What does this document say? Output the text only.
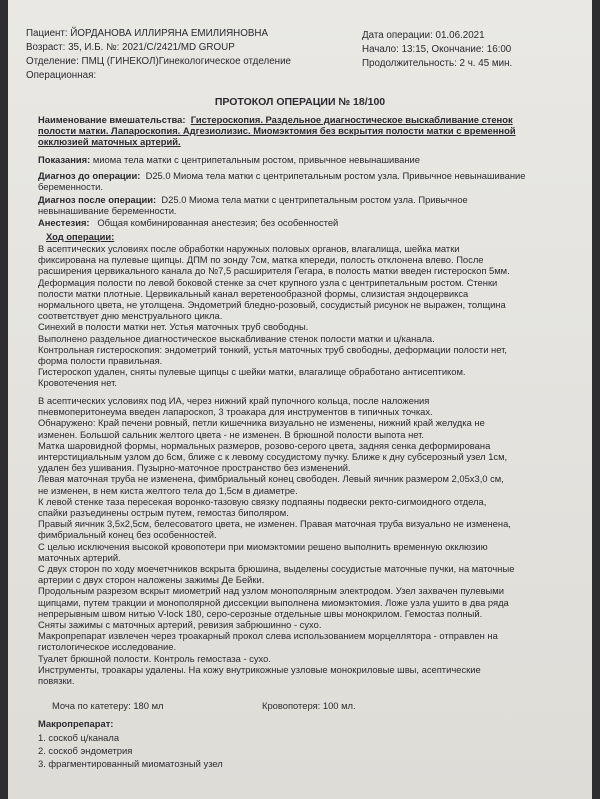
Пациент: ЙОРДАНОВА ИЛЛИРЯНА ЕМИЛИЯНОВНА
Возраст: 35, И.Б. №: 2021/С/2421/MD GROUP
Отделение: ПМЦ (ГИНЕКОЛ)Гинекологическое отделение
Операционная:
Дата операции: 01.06.2021
Начало: 13:15, Окончание: 16:00
Продолжительность: 2 ч. 45 мин.
ПРОТОКОЛ ОПЕРАЦИИ № 18/100
Наименование вмешательства: Гистероскопия. Раздельное диагностическое выскабливание стенок
полости матки. Лапароскопия. Адгезиолизис. Миомэктомия без вскрытия полости матки с временной
окклюзией маточных артерий.
Показания: миома тела матки с центрипетальным ростом, привычное невынашивание
Диагноз до операции: D25.0 Миома тела матки с центрипетальным ростом узла. Привычное невынашивание
беременности.
Диагноз после операции: D25.0 Миома тела матки с центрипетальным ростом узла. Привычное
невынашивание беременности.
Анестезия: Общая комбинированная анестезия; без особенностей
Ход операции:
В асептических условиях после обработки наружных половых органов, влагалища, шейка матки
фиксирована на пулевые щипцы. ДПМ по зонду 7см, матка кпереди, полость отклонена влево. После
расширения цервикального канала до №7,5 расширителя Гегара, в полость матки введен гистероскоп 5мм.
Деформация полости по левой боковой стенке за счет крупного узла с центрипетальным ростом. Стенки
полости матки плотные. Цервикальный канал веретенообразной формы, слизистая эндоцервикса
нормального цвета, не утолщена. Эндометрий бледно-розовый, сосудистый рисунок не выражен, толщина
соответствует дню менструального цикла.
Синехий в полости матки нет. Устья маточных труб свободны.
Выполнено раздельное диагностическое выскабливание стенок полости матки и ц/канала.
Контрольная гистероскопия: эндометрий тонкий, устья маточных труб свободны, деформации полости нет,
форма полости правильная.
Гистероскоп удален, сняты пулевые щипцы с шейки матки, влагалище обработано антисептиком.
Кровотечения нет.
В асептических условиях под ИА, через нижний край пупочного кольца, после наложения
пневмоперитонеума введен лапароскоп, 3 троакара для инструментов в типичных точках.
Обнаружено: Край печени ровный, петли кишечника визуально не изменены, нижний край желудка не
изменен. Большой сальник желтого цвета - не изменен. В брюшной полости выпота нет.
Матка шаровидной формы, нормальных размеров, розово-серого цвета, задняя сенка деформирована
интерстициальным узлом до 6см, ближе с к левому сосудистому пучку. Ближе к дну субсерозный узел 1см,
удален без ушивания. Пузырно-маточное пространство без изменений.
Левая маточная труба не изменена, фимбриальный конец свободен. Левый яичник размером 2,05х3,0 см,
не изменен, в нем киста желтого тела до 1,5см в диаметре.
К левой стенке таза пересекая воронко-тазовую связку подпаяны подвески ректо-сигмоидного отдела,
спайки разъединены острым путем, гемостаз биполяром.
Правый яичник 3,5х2,5см, белесоватого цвета, не изменен. Правая маточная труба визуально не изменена,
фимбриальный конец без особенностей.
С целью исключения высокой кровопотери при миомэктомии решено выполнить временную окклюзию
маточных артерий.
С двух сторон по ходу моечетчников вскрыта брюшина, выделены сосудистые маточные пучки, на маточные
артерии с двух сторон наложены зажимы Де Бейки.
Продольным разрезом вскрыт миометрий над узлом монополярным электродом. Узел захвачен пулевыми
щипцами, путем тракции и монополярной диссекции выполнена миомэктомия. Ложе узла ушито в два ряда
непрерывным швом нитью V-lock 180, серо-серозные отдельные швы монокрилом. Гемостаз полный.
Сняты зажимы с маточных артерий, ревизия забрюшинно - сухо.
Макропрепарат извлечен через троакарный прокол слева использованием морцеллятора - отправлен на
гистологическое исследование.
Туалет брюшной полости. Контроль гемостаза - сухо.
Инструменты, троакары удалены. На кожу внутрикожные узловые монокриловые швы, асептические
повязки.
Моча по катетеру: 180 мл	Кровопотеря: 100 мл.
Макропрепарат:
1. соскоб ц/канала
2. соскоб эндометрия
3. фрагментированный миоматозный узел
